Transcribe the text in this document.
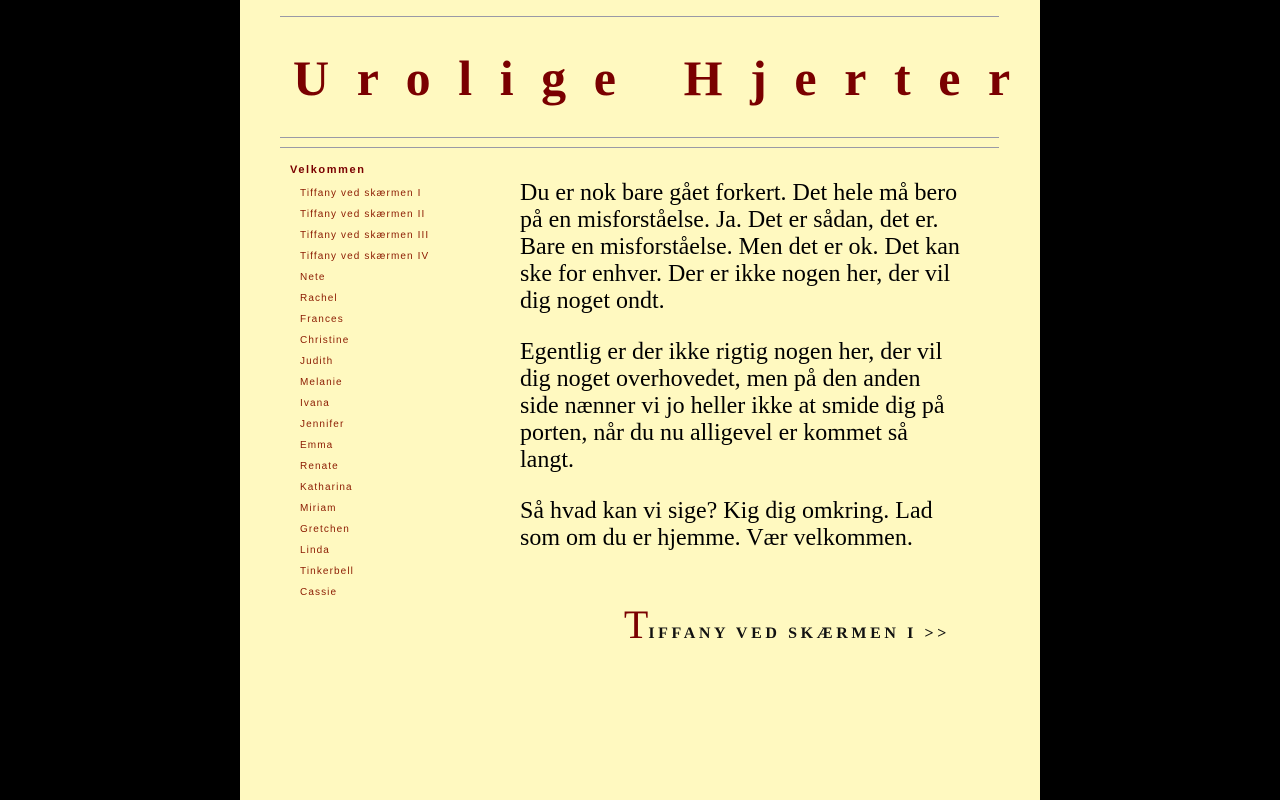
Urolige Hjerter
Velkommen
Tiffany ved skærmen I
Tiffany ved skærmen II
Tiffany ved skærmen III
Tiffany ved skærmen IV
Nete
Rachel
Frances
Christine
Judith
Melanie
Ivana
Jennifer
Emma
Renate
Katharina
Miriam
Gretchen
Linda
Tinkerbell
Cassie

Du er nok bare gået forkert. Det hele må bero på en misforståelse. Ja. Det er sådan, det er. Bare en misforståelse. Men det er ok. Det kan ske for enhver. Der er ikke nogen her, der vil dig noget ondt.

Egentlig er der ikke rigtig nogen her, der vil dig noget overhovedet, men på den anden side nænner vi jo heller ikke at smide dig på porten, når du nu alligevel er kommet så langt.

Så hvad kan vi sige? Kig dig omkring. Lad som om du er hjemme. Vær velkommen.

TIFFANY VED SKÆRMEN I >>
